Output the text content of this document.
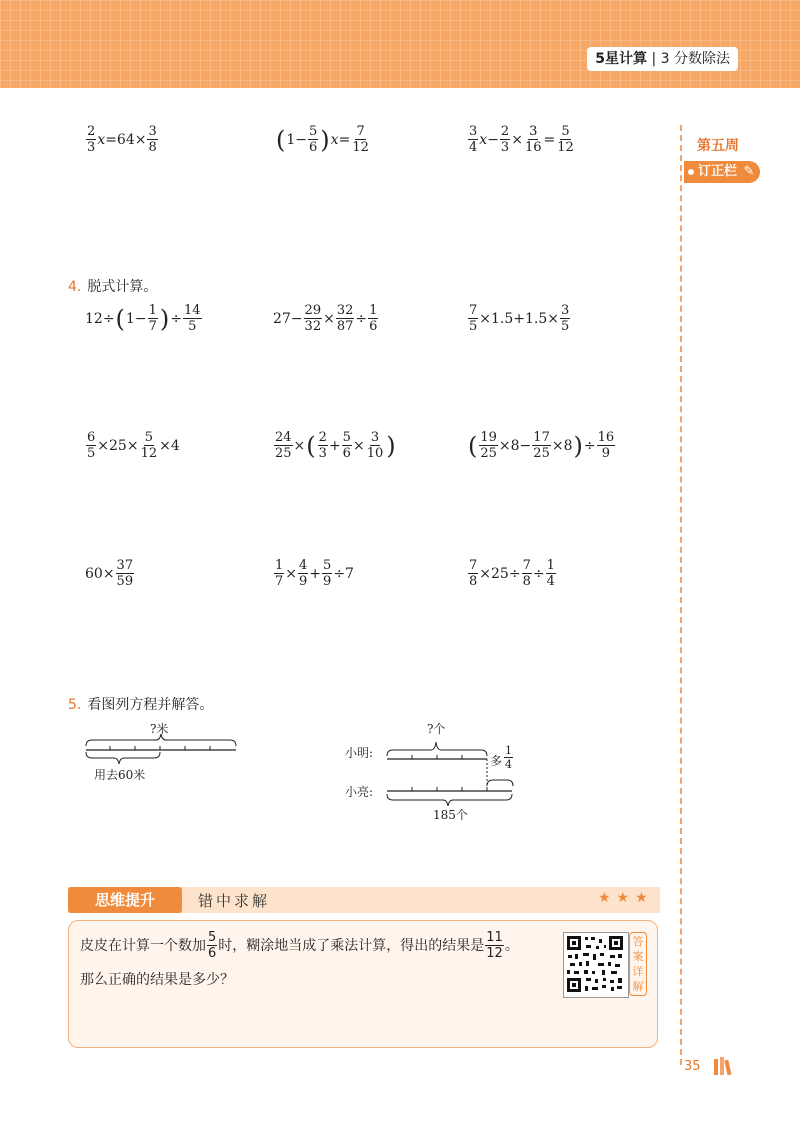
5星计算 | 3 分数除法
第五周
订正栏 ✎
$\frac{2}{3}$ $x =64\times \frac{3}{8}$	( $1- \frac{5}{6}$ ) $x = \frac{7}{12}$	$\frac{3}{4}$ $x - \frac{2}{3} \times \frac{3}{16} = \frac{5}{12}$
4. 脱式计算。
12÷ ( $1- \frac{1}{7}$ ) ÷ $\frac{14}{5}$	$27- \frac{29}{32} \times \frac{32}{87} \div \frac{1}{6}$	$\frac{7}{5} \times 1.5+1.5\times \frac{3}{5}$
$\frac{6}{5} \times 25\times \frac{5}{12} \times 4$	$\frac{24}{25}$ × ( $\frac{2}{3} + \frac{5}{6} \times \frac{3}{10}$ )	( $\frac{19}{25} \times 8- \frac{17}{25} \times 8$ ) ÷ $\frac{16}{9}$
$60\times \frac{37}{59}$	$\frac{1}{7} \times \frac{4}{9} + \frac{5}{9} \div 7$	$\frac{7}{8} \times 25\div \frac{7}{8} \div \frac{1}{4}$
5. 看图列方程并解答。
?米
用去60米
?个
小明:
小亮:
多 $\frac{1}{4}$
185个
思维提升	错中求解	★★★
皮皮在计算一个数加 $\frac{5}{6}$ 时，糊涂地当成了乘法计算，得出的结果是 $\frac{11}{12}$ 。
那么正确的结果是多少？
答案详解
35
